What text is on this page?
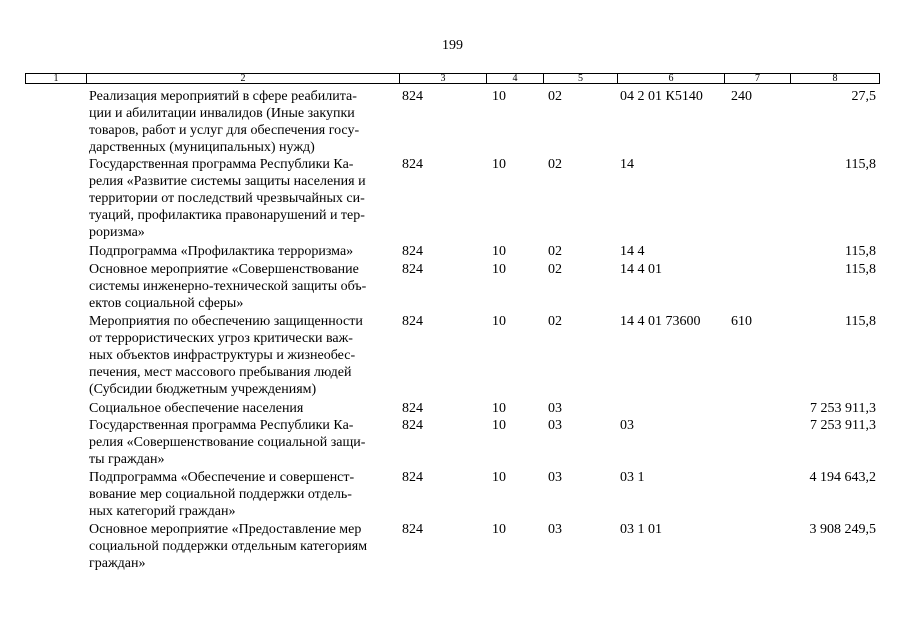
199
1	2	3	4	5	6	7	8
Реализация мероприятий в сфере реабилита-
ции и абилитации инвалидов (Иные закупки
товаров, работ и услуг для обеспечения госу-
дарственных (муниципальных) нужд)
824	10	02	04 2 01 К5140 240	27,5
Государственная программа Республики Ка-
релия «Развитие системы защиты населения и
территории от последствий чрезвычайных си-
туаций, профилактика правонарушений и тер-
роризма»
824	10	02	14	115,8
Подпрограмма «Профилактика терроризма»	824	10	02	14 4	115,8
Основное мероприятие «Совершенствование
системы инженерно-технической защиты объ-
ектов социальной сферы»
824	10	02	14 4 01	115,8
Мероприятия по обеспечению защищенности
от террористических угроз критически важ-
ных объектов инфраструктуры и жизнеобес-
печения, мест массового пребывания людей
(Субсидии бюджетным учреждениям)
824	10	02	14 4 01 73600 610	115,8
Социальное обеспечение населения	824	10	03	7 253 911,3
Государственная программа Республики Ка-
релия «Совершенствование социальной защи-
ты граждан»
824	10	03	03	7 253 911,3
Подпрограмма «Обеспечение и совершенст-
вование мер социальной поддержки отдель-
ных категорий граждан»
824	10	03	03 1	4 194 643,2
Основное мероприятие «Предоставление мер
социальной поддержки отдельным категориям
граждан»
824	10	03	03 1 01	3 908 249,5
